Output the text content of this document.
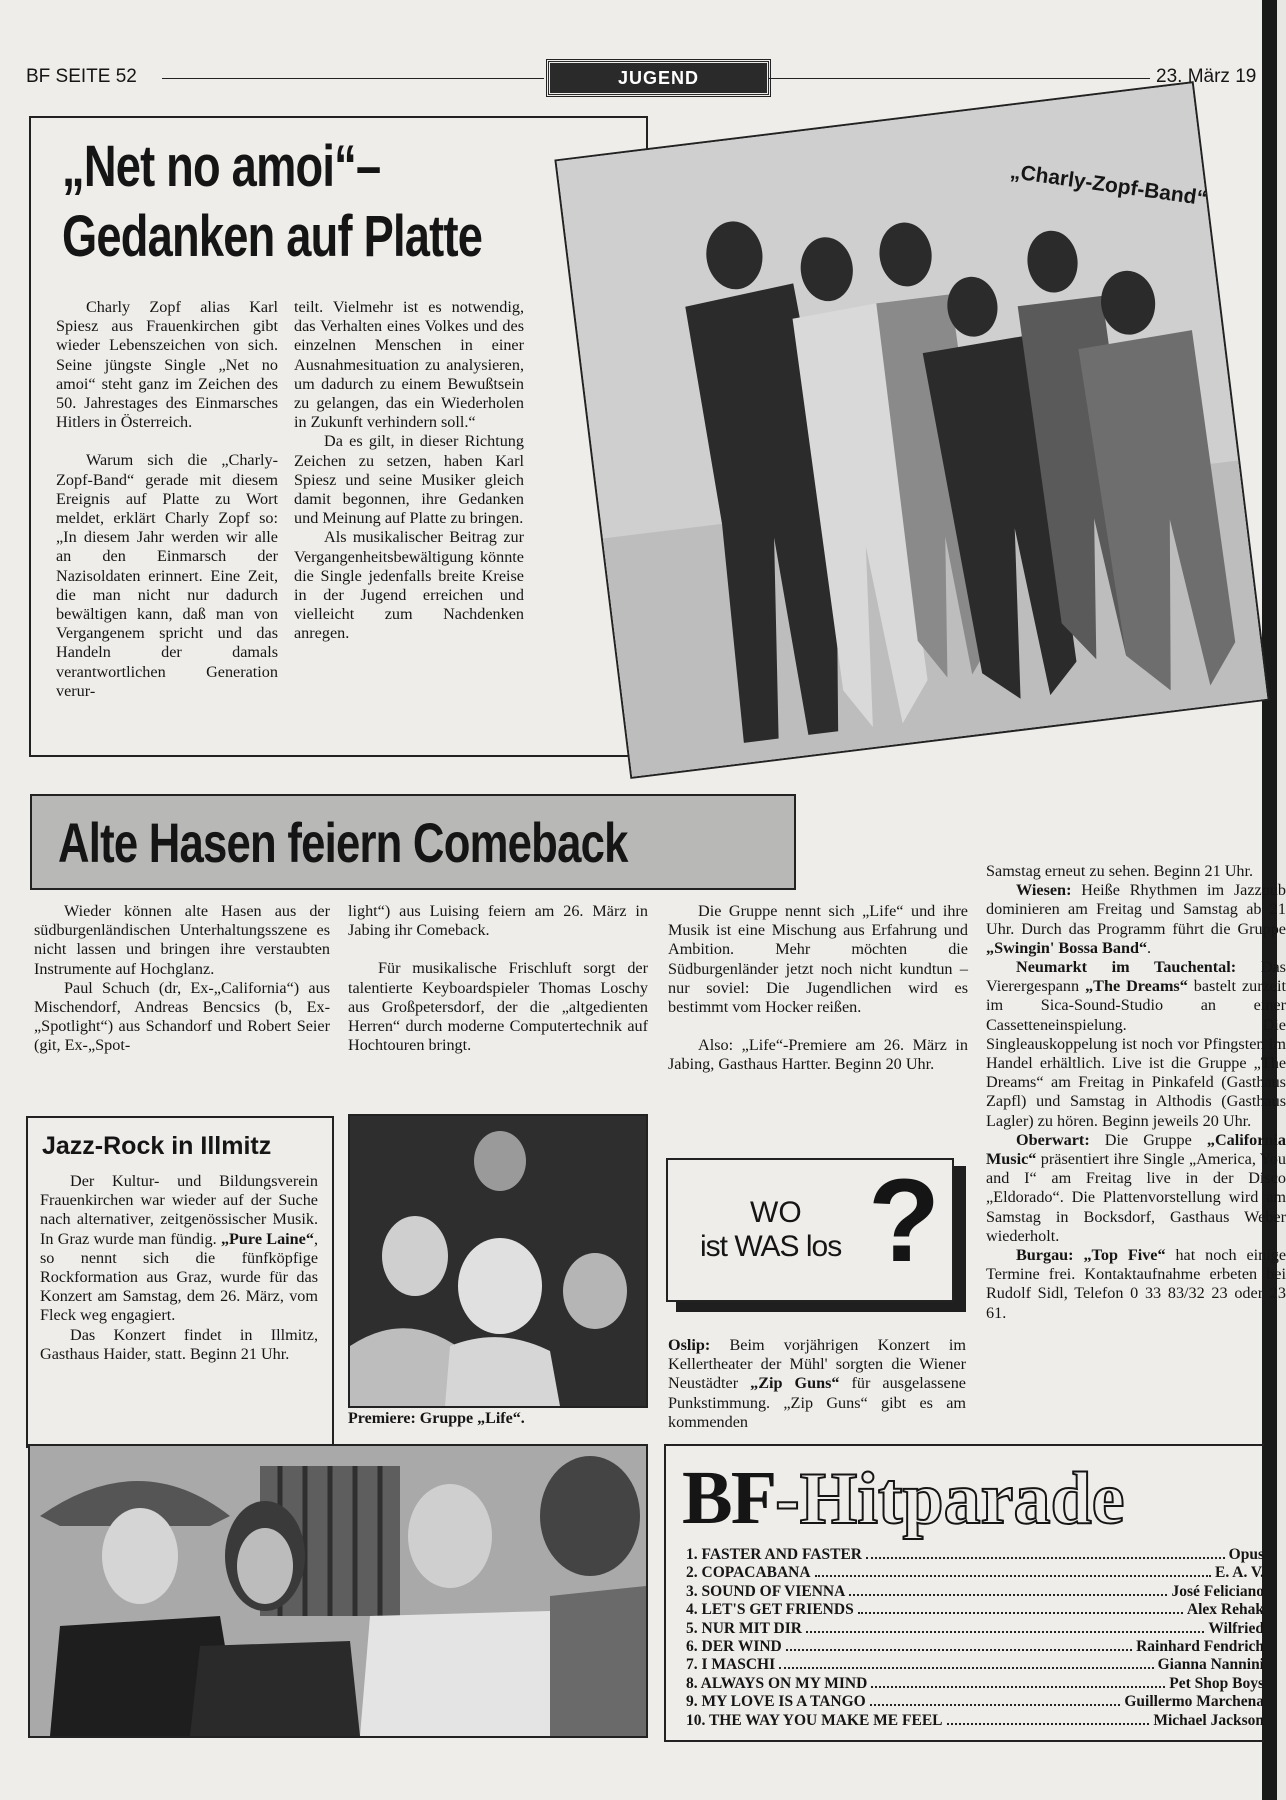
BF SEITE 52	JUGEND	23. März 19
„Net no amoi“–
Gedanken auf Platte
„Charly-Zopf-Band“

Charly Zopf alias Karl Spiesz aus Frauenkirchen gibt wieder Lebenszeichen von sich. Seine jüngste Single „Net no amoi“ steht ganz im Zeichen des 50. Jahrestages des Einmarsches Hitlers in Österreich.

Warum sich die „Charly-Zopf-Band“ gerade mit diesem Ereignis auf Platte zu Wort meldet, erklärt Charly Zopf so: „In diesem Jahr werden wir alle an den Einmarsch der Nazisoldaten erinnert. Eine Zeit, die man nicht nur dadurch bewältigen kann, daß man von Vergangenem spricht und das Handeln der damals verantwortlichen Generation verur-

teilt. Vielmehr ist es notwendig, das Verhalten eines Volkes und des einzelnen Menschen in einer Ausnahmesituation zu analysieren, um dadurch zu einem Bewußtsein zu gelangen, das ein Wiederholen in Zukunft verhindern soll.“

Da es gilt, in dieser Richtung Zeichen zu setzen, haben Karl Spiesz und seine Musiker gleich damit begonnen, ihre Gedanken und Meinung auf Platte zu bringen.

Als musikalischer Beitrag zur Vergangenheitsbewältigung könnte die Single jedenfalls breite Kreise in der Jugend erreichen und vielleicht zum Nachdenken anregen.

Alte Hasen feiern Comeback

Wieder können alte Hasen aus der südburgenländischen Unterhaltungsszene es nicht lassen und bringen ihre verstaubten Instrumente auf Hochglanz.

Paul Schuch (dr, Ex-„California“) aus Mischendorf, Andreas Bencsics (b, Ex-„Spotlight“) aus Schandorf und Robert Seier (git, Ex-„Spot-

light“) aus Luising feiern am 26. März in Jabing ihr Comeback.

Für musikalische Frischluft sorgt der talentierte Keyboardspieler Thomas Loschy aus Großpetersdorf, der die „altgedienten Herren“ durch moderne Computertechnik auf Hochtouren bringt.

Die Gruppe nennt sich „Life“ und ihre Musik ist eine Mischung aus Erfahrung und Ambition. Mehr möchten die Südburgenländer jetzt noch nicht kundtun – nur soviel: Die Jugendlichen wird es bestimmt vom Hocker reißen.

Also: „Life“-Premiere am 26. März in Jabing, Gasthaus Hartter. Beginn 20 Uhr.

Jazz-Rock in Illmitz

Der Kultur- und Bildungsverein Frauenkirchen war wieder auf der Suche nach alternativer, zeitgenössischer Musik. In Graz wurde man fündig. „Pure Laine“, so nennt sich die fünfköpfige Rockformation aus Graz, wurde für das Konzert am Samstag, dem 26. März, vom Fleck weg engagiert.

Das Konzert findet in Illmitz, Gasthaus Haider, statt. Beginn 21 Uhr.

Premiere: Gruppe „Life“.
WO
ist WAS los ?

Oslip: Beim vorjährigen Konzert im Kellertheater der Mühl' sorgten die Wiener Neustädter „Zip Guns“ für ausgelassene Punkstimmung. „Zip Guns“ gibt es am kommenden

Samstag erneut zu sehen. Beginn 21 Uhr.

Wiesen: Heiße Rhythmen im Jazzpub dominieren am Freitag und Samstag ab 21 Uhr. Durch das Programm führt die Gruppe „Swingin' Bossa Band“.

Neumarkt im Tauchental: Das Vierergespann „The Dreams“ bastelt zurzeit im Sica-Sound-Studio an einer Cassetteneinspielung. Die Singleauskoppelung ist noch vor Pfingsten im Handel erhältlich. Live ist die Gruppe „The Dreams“ am Freitag in Pinkafeld (Gasthaus Zapfl) und Samstag in Althodis (Gasthaus Lagler) zu hören. Beginn jeweils 20 Uhr.

Oberwart: Die Gruppe „California Music“ präsentiert ihre Single „America, You and I“ am Freitag live in der Disco „Eldorado“. Die Plattenvorstellung wird am Samstag in Bocksdorf, Gasthaus Weber wiederholt.

Burgau: „Top Five“ hat noch einige Termine frei. Kontaktaufnahme erbeten bei Rudolf Sidl, Telefon 0 33 83/32 23 oder 23 61.

BF-Hitparade
1. FASTER AND FASTER	Opus
2. COPACABANA	E. A. V.
3. SOUND OF VIENNA	José Feliciano
4. LET'S GET FRIENDS	Alex Rehak
5. NUR MIT DIR	Wilfried
6. DER WIND	Rainhard Fendrich
7. I MASCHI	Gianna Nannini
8. ALWAYS ON MY MIND	Pet Shop Boys
9. MY LOVE IS A TANGO	Guillermo Marchena
10. THE WAY YOU MAKE ME FEEL	Michael Jackson
